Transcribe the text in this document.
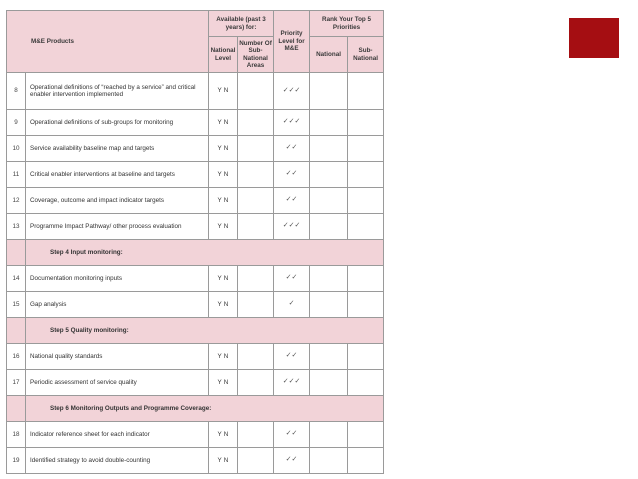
M&E Products		Available (past 3 years) for:		Priority Level for M&E	Rank Your Top 5 Priorities	
		National Level	Number Of Sub-National Areas		National	Sub-National
8	Operational definitions of “reached by a service” and critical enabler intervention implemented	Y N		✓✓✓		
9	Operational definitions of sub-groups for monitoring	Y N		✓✓✓		
10	Service availability baseline map and targets	Y N		✓✓		
11	Critical enabler interventions at baseline and targets	Y N		✓✓		
12	Coverage, outcome and impact indicator targets	Y N		✓✓		
13	Programme Impact Pathway/ other process evaluation	Y N		✓✓✓		
	Step 4 Input monitoring:					
14	Documentation monitoring inputs	Y N		✓✓		
15	Gap analysis	Y N		✓		
	Step 5 Quality monitoring:					
16	National quality standards	Y N		✓✓		
17	Periodic assessment of service quality	Y N		✓✓✓		
	Step 6 Monitoring Outputs and Programme Coverage:					
18	Indicator reference sheet for each indicator	Y N		✓✓		
19	Identified strategy to avoid double-counting	Y N		✓✓		
